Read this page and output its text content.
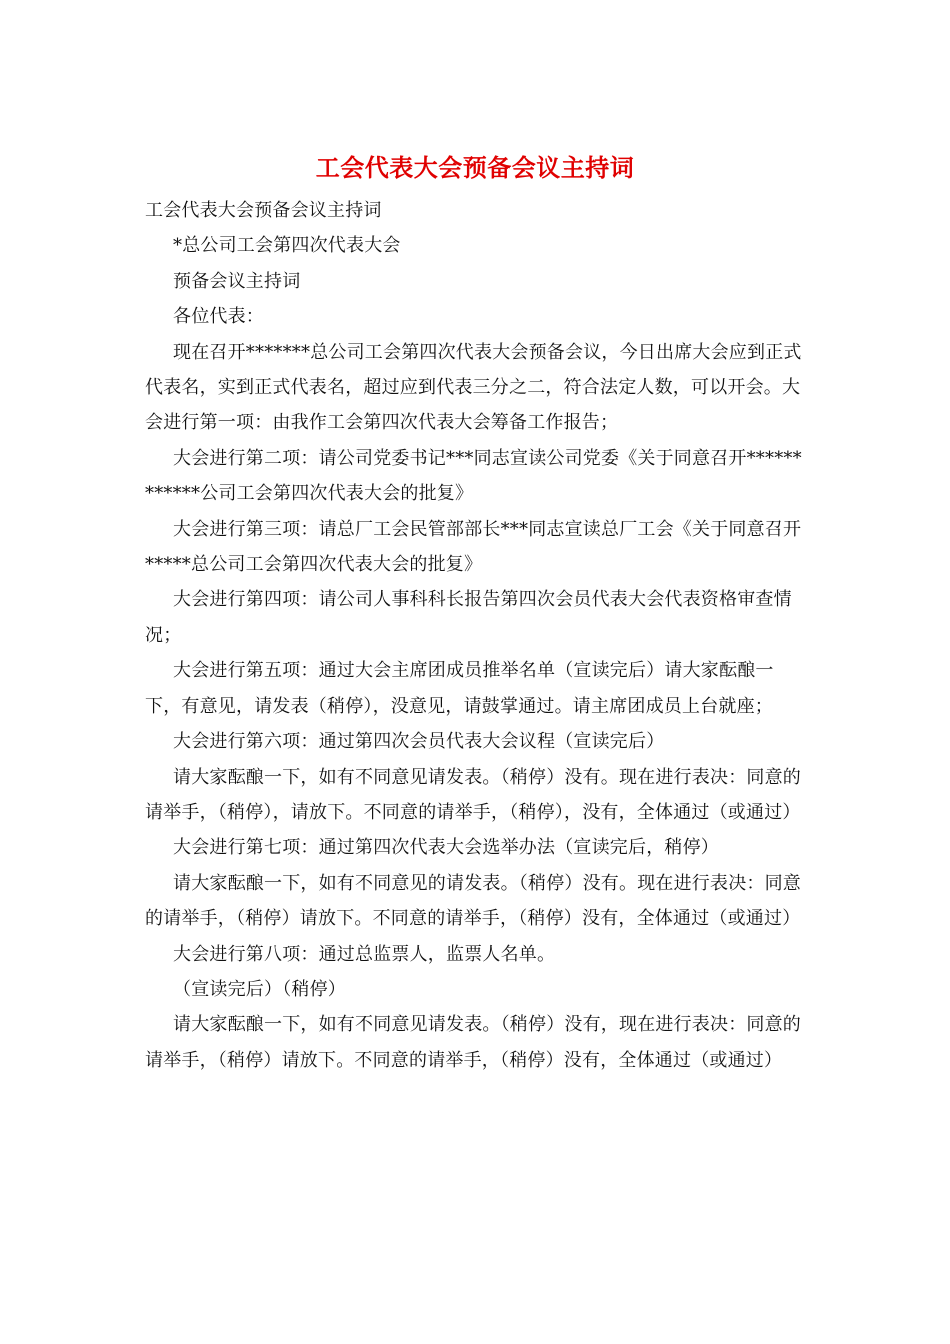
工会代表大会预备会议主持词

工会代表大会预备会议主持词

*总公司工会第四次代表大会

预备会议主持词

各位代表：

现在召开*******总公司工会第四次代表大会预备会议，今日出席大会应到正式代表名，实到正式代表名，超过应到代表三分之二，符合法定人数，可以开会。大会进行第一项：由我作工会第四次代表大会筹备工作报告；

大会进行第二项：请公司党委书记***同志宣读公司党委《关于同意召开************公司工会第四次代表大会的批复》

大会进行第三项：请总厂工会民管部部长***同志宣读总厂工会《关于同意召开*****总公司工会第四次代表大会的批复》

大会进行第四项：请公司人事科科长报告第四次会员代表大会代表资格审查情况；

大会进行第五项：通过大会主席团成员推举名单（宣读完后）请大家酝酿一下，有意见，请发表（稍停），没意见，请鼓掌通过。请主席团成员上台就座；

大会进行第六项：通过第四次会员代表大会议程（宣读完后）

请大家酝酿一下，如有不同意见请发表。（稍停）没有。现在进行表决：同意的请举手，（稍停），请放下。不同意的请举手，（稍停），没有，全体通过（或通过）

大会进行第七项：通过第四次代表大会选举办法（宣读完后，稍停）

请大家酝酿一下，如有不同意见的请发表。（稍停）没有。现在进行表决：同意的请举手，（稍停）请放下。不同意的请举手，（稍停）没有，全体通过（或通过）

大会进行第八项：通过总监票人，监票人名单。

（宣读完后）（稍停）

请大家酝酿一下，如有不同意见请发表。（稍停）没有，现在进行表决：同意的请举手，（稍停）请放下。不同意的请举手，（稍停）没有，全体通过（或通过）
